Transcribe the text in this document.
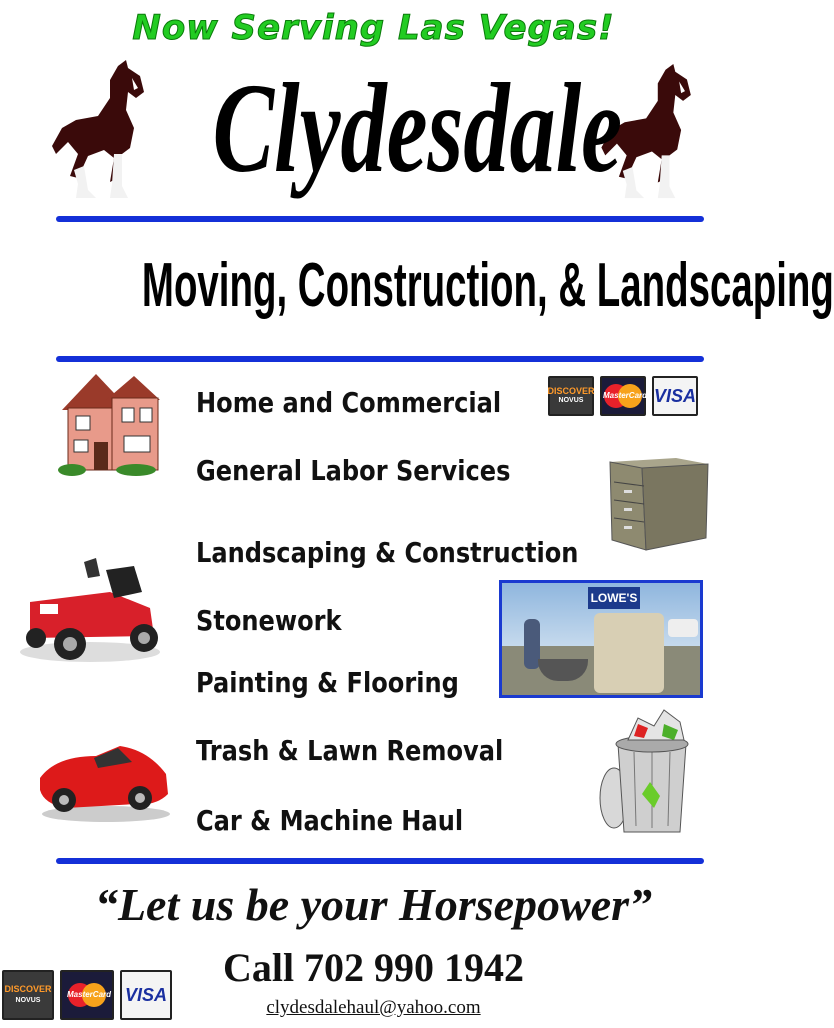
Now Serving Las Vegas!
Clydesdale
Moving, Construction, & Landscaping
Home and Commercial
General Labor Services
Landscaping & Construction
Stonework
Painting & Flooring
Trash & Lawn Removal
Car & Machine Haul
DISCOVER
NOVUS
MasterCard VISA
LOWE'S
“Let us be your Horsepower”
Call 702 990 1942
clydesdalehaul@yahoo.com
DISCOVER
NOVUS
MasterCard VISA
